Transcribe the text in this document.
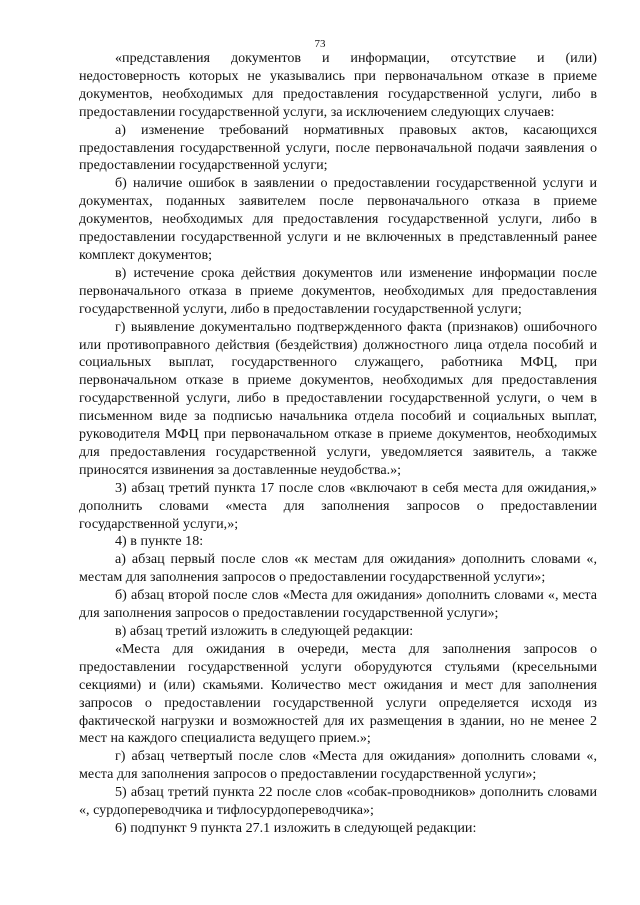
73

«представления документов и информации, отсутствие и (или) недостоверность которых не указывались при первоначальном отказе в приеме документов, необходимых для предоставления государственной услуги, либо в предоставлении государственной услуги, за исключением следующих случаев:

а) изменение требований нормативных правовых актов, касающихся предоставления государственной услуги, после первоначальной подачи заявления о предоставлении государственной услуги;

б) наличие ошибок в заявлении о предоставлении государственной услуги и документах, поданных заявителем после первоначального отказа в приеме документов, необходимых для предоставления государственной услуги, либо в предоставлении государственной услуги и не включенных в представленный ранее комплект документов;

в) истечение срока действия документов или изменение информации после первоначального отказа в приеме документов, необходимых для предоставления государственной услуги, либо в предоставлении государственной услуги;

г) выявление документально подтвержденного факта (признаков) ошибочного или противоправного действия (бездействия) должностного лица отдела пособий и социальных выплат, государственного служащего, работника МФЦ, при первоначальном отказе в приеме документов, необходимых для предоставления государственной услуги, либо в предоставлении государственной услуги, о чем в письменном виде за подписью начальника отдела пособий и социальных выплат, руководителя МФЦ при первоначальном отказе в приеме документов, необходимых для предоставления государственной услуги, уведомляется заявитель, а также приносятся извинения за доставленные неудобства.»;

3) абзац третий пункта 17 после слов «включают в себя места для ожидания,» дополнить словами «места для заполнения запросов о предоставлении государственной услуги,»;

4) в пункте 18:

а) абзац первый после слов «к местам для ожидания» дополнить словами «, местам для заполнения запросов о предоставлении государственной услуги»;

б) абзац второй после слов «Места для ожидания» дополнить словами «, места для заполнения запросов о предоставлении государственной услуги»;

в) абзац третий изложить в следующей редакции:

«Места для ожидания в очереди, места для заполнения запросов о предоставлении государственной услуги оборудуются стульями (кресельными секциями) и (или) скамьями. Количество мест ожидания и мест для заполнения запросов о предоставлении государственной услуги определяется исходя из фактической нагрузки и возможностей для их размещения в здании, но не менее 2 мест на каждого специалиста ведущего прием.»;

г) абзац четвертый после слов «Места для ожидания» дополнить словами «, места для заполнения запросов о предоставлении государственной услуги»;

5) абзац третий пункта 22 после слов «собак-проводников» дополнить словами «, сурдопереводчика и тифлосурдопереводчика»;

6) подпункт 9 пункта 27.1 изложить в следующей редакции:
